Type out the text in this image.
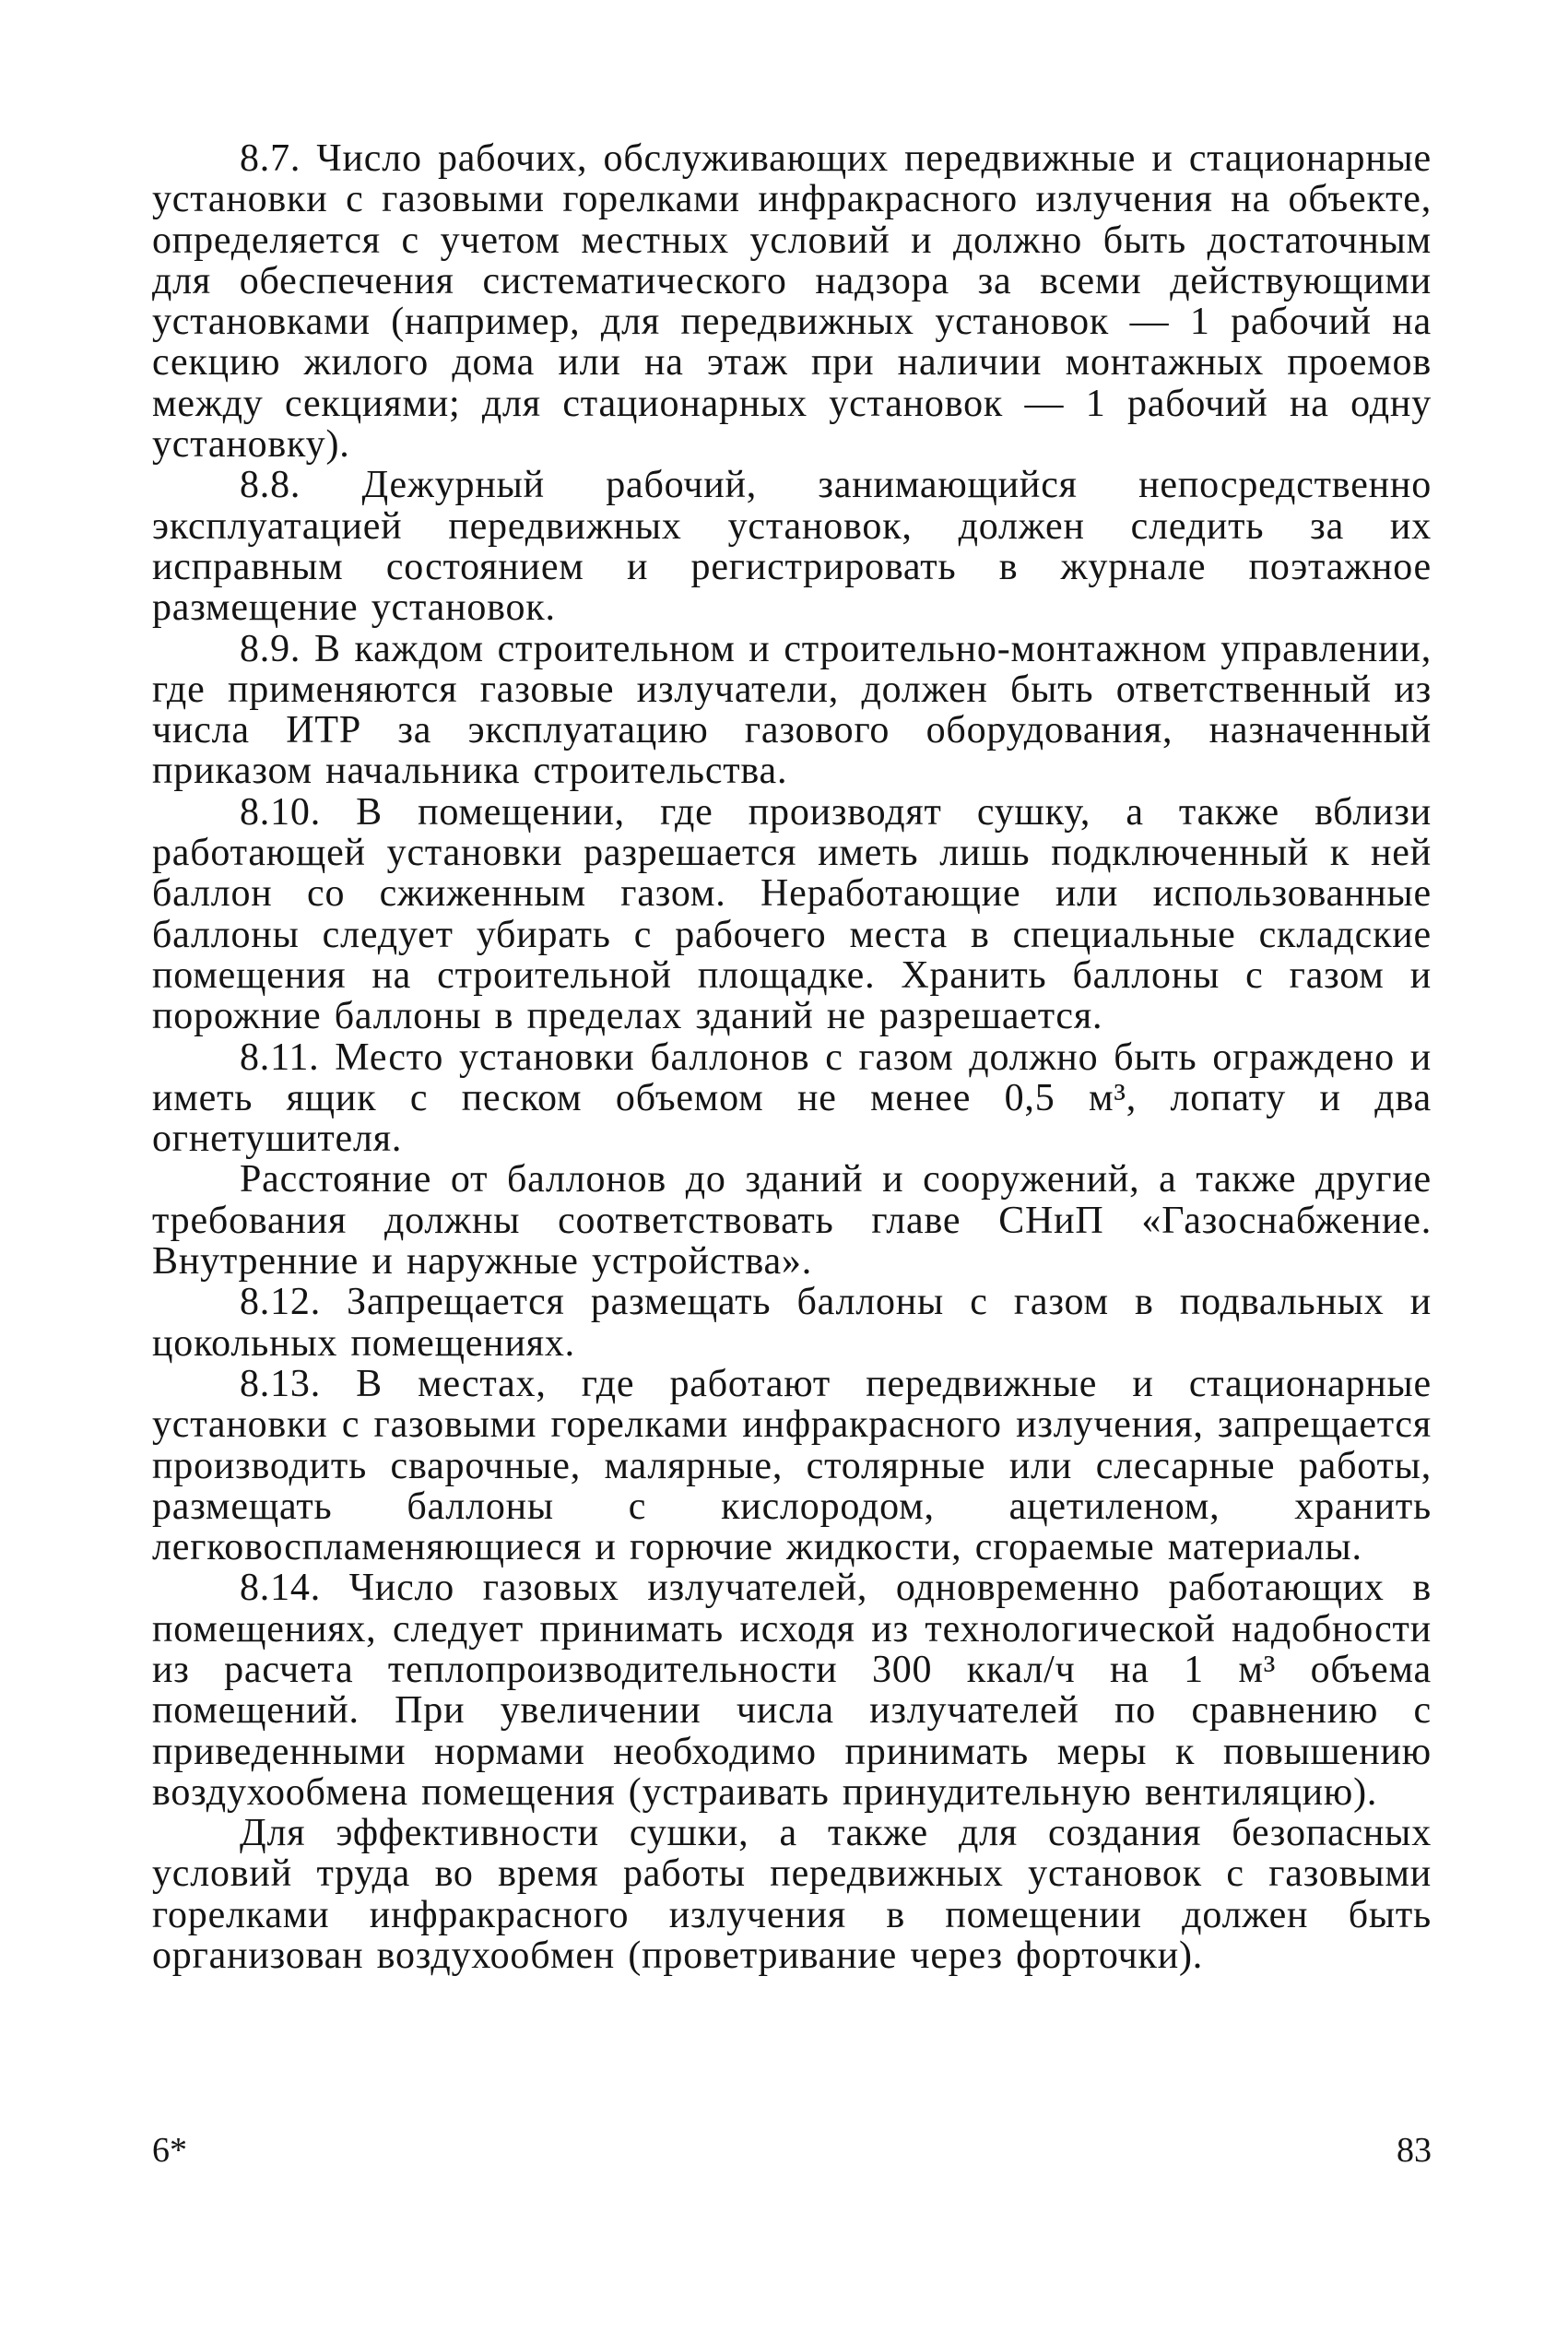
8.7. Число рабочих, обслуживающих передвижные и стационарные установки с газовыми горелками инфракрасного излучения на объекте, определяется с учетом местных условий и должно быть достаточным для обеспечения систематического надзора за всеми действующими установками (например, для передвижных установок — 1 рабочий на секцию жилого дома или на этаж при наличии монтажных проемов между секциями; для стационарных установок — 1 рабочий на одну установку).

8.8. Дежурный рабочий, занимающийся непосредственно эксплуатацией передвижных установок, должен следить за их исправным состоянием и регистрировать в журнале поэтажное размещение установок.

8.9. В каждом строительном и строительно-монтажном управлении, где применяются газовые излучатели, должен быть ответственный из числа ИТР за эксплуатацию газового оборудования, назначенный приказом начальника строительства.

8.10. В помещении, где производят сушку, а также вблизи работающей установки разрешается иметь лишь подключенный к ней баллон со сжиженным газом. Неработающие или использованные баллоны следует убирать с рабочего места в специальные складские помещения на строительной площадке. Хранить баллоны с газом и порожние баллоны в пределах зданий не разрешается.

8.11. Место установки баллонов с газом должно быть ограждено и иметь ящик с песком объемом не менее 0,5 м³, лопату и два огнетушителя.

Расстояние от баллонов до зданий и сооружений, а также другие требования должны соответствовать главе СНиП «Газоснабжение. Внутренние и наружные устройства».

8.12. Запрещается размещать баллоны с газом в подвальных и цокольных помещениях.

8.13. В местах, где работают передвижные и стационарные установки с газовыми горелками инфракрасного излучения, запрещается производить сварочные, малярные, столярные или слесарные работы, размещать баллоны с кислородом, ацетиленом, хранить легковоспламеняющиеся и горючие жидкости, сгораемые материалы.

8.14. Число газовых излучателей, одновременно работающих в помещениях, следует принимать исходя из технологической надобности из расчета теплопроизводительности 300 ккал/ч на 1 м³ объема помещений. При увеличении числа излучателей по сравнению с приведенными нормами необходимо принимать меры к повышению воздухообмена помещения (устраивать принудительную вентиляцию).

Для эффективности сушки, а также для создания безопасных условий труда во время работы передвижных установок с газовыми горелками инфракрасного излучения в помещении должен быть организован воздухообмен (проветривание через форточки).

6*	83
